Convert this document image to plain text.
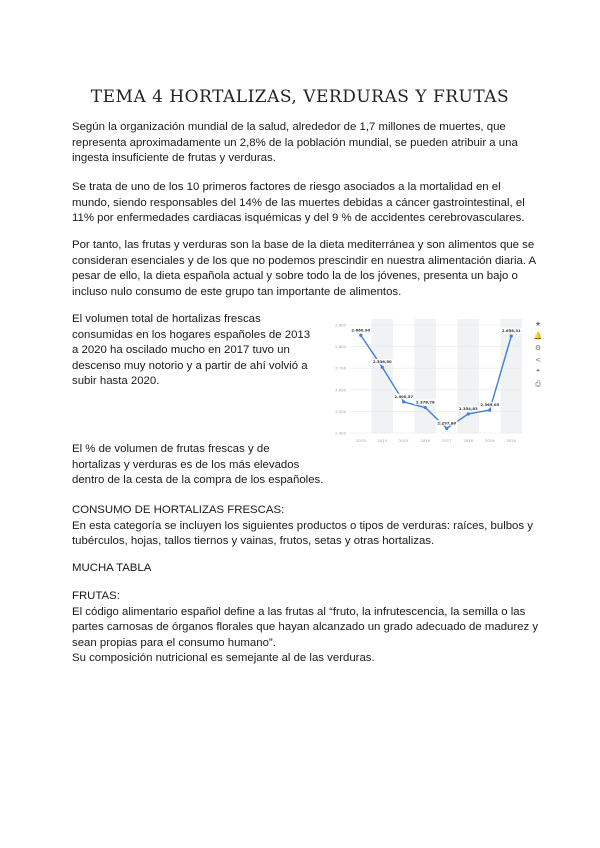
TEMA 4 HORTALIZAS, VERDURAS Y FRUTAS
Según la organización mundial de la salud, alrededor de 1,7 millones de muertes, que
representa aproximadamente un 2,8% de la población mundial, se pueden atribuir a una
ingesta insuficiente de frutas y verduras.
Se trata de uno de los 10 primeros factores de riesgo asociados a la mortalidad en el
mundo, siendo responsables del 14% de las muertes debidas a cáncer gastrointestinal, el
11% por enfermedades cardiacas isquémicas y del 9 % de accidentes cerebrovasculares.
Por tanto, las frutas y verduras son la base de la dieta mediterránea y son alimentos que se
consideran esenciales y de los que no podemos prescindir en nuestra alimentación diaria. A
pesar de ello, la dieta española actual y sobre todo la de los jóvenes, presenta un bajo o
incluso nulo consumo de este grupo tan importante de alimentos.
El volumen total de hortalizas frescas
consumidas en los hogares españoles de 2013
a 2020 ha oscilado mucho en 2017 tuvo un
descenso muy notorio y a partir de ahí volvió a
subir hasta 2020.
El % de volumen de frutas frescas y de
hortalizas y verduras es de los más elevados
dentro de la cesta de la compra de los españoles.
CONSUMO DE HORTALIZAS FRESCAS:
En esta categoría se incluyen los siguientes productos o tipos de verduras: raíces, bulbos y
tubérculos, hojas, tallos tiernos y vainas, frutos, setas y otras hortalizas.
MUCHA TABLA
FRUTAS:
El código alimentario español define a las frutas al “fruto, la infrutescencia, la semilla o las
partes carnosas de órganos florales que hayan alcanzado un grado adecuado de madurez y
sean propias para el consumo humano”.
Su composición nutricional es semejante al de las verduras.
2.400
2.500
2.600
2.700
2.800
2.900
2013	2014	2015	2016	2017	2018	2019	2020
2.660,90
2.536,50
2.400,57
2.378,78
2.297,80
2.354,83
2.369,05
2.656,31
★
🔔
⚙
<
❝
⎙
